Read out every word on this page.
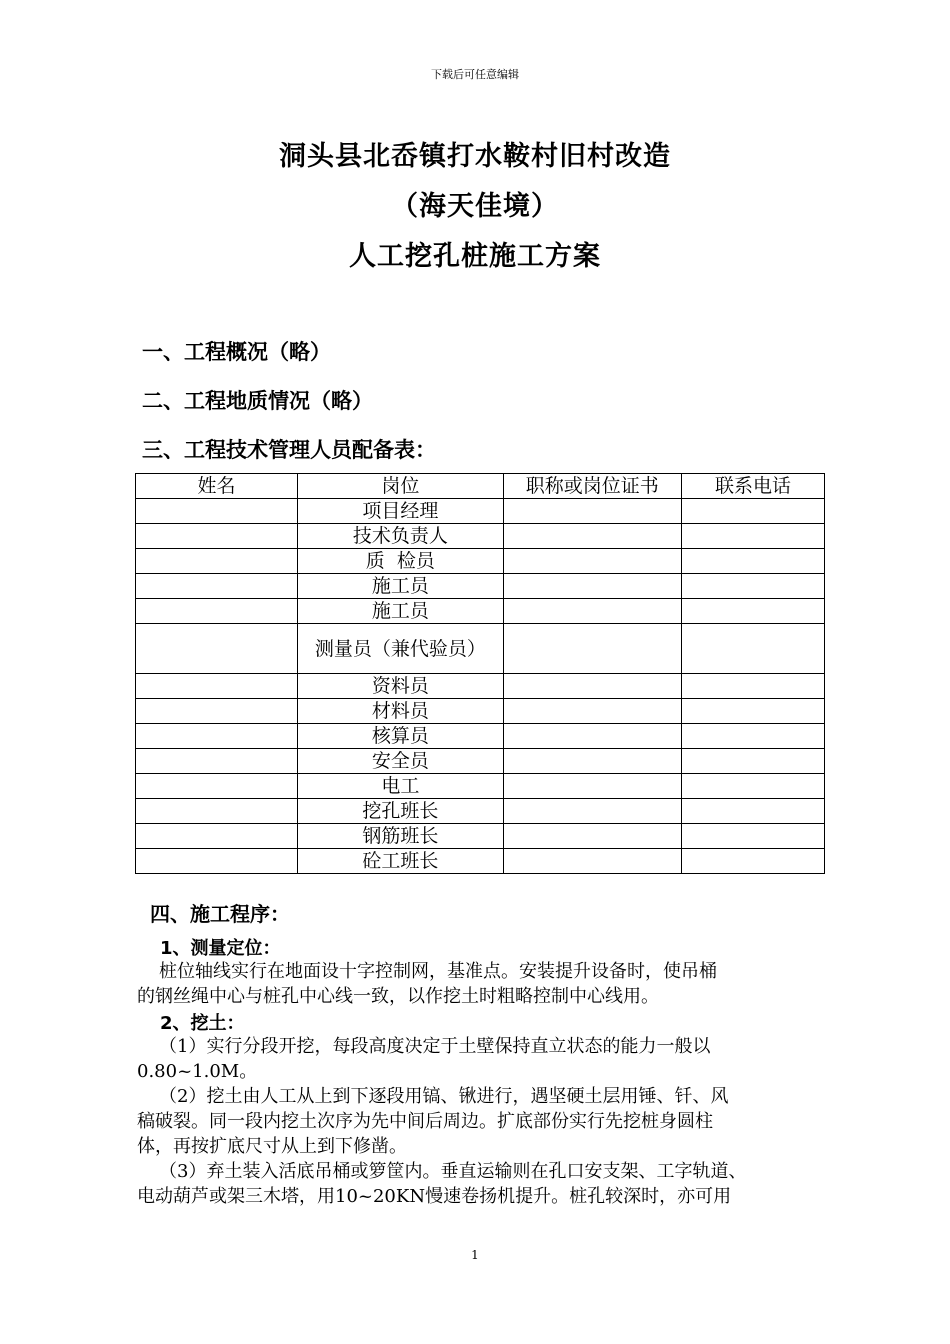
下载后可任意编辑
洞头县北岙镇打水鞍村旧村改造
（海天佳境）
人工挖孔桩施工方案
一、工程概况（略）
二、工程地质情况（略）
三、工程技术管理人员配备表：
姓名	岗位	职称或岗位证书	联系电话
	项目经理		
	技术负责人		
	质  检员		
	施工员		
	施工员		
	测量员（兼代验员）		
	资料员		
	材料员		
	核算员		
	安全员		
	电工		
	挖孔班长		
	钢筋班长		
	砼工班长		
四、施工程序：
1、测量定位：
桩位轴线实行在地面设十字控制网，基准点。安装提升设备时，使吊桶
的钢丝绳中心与桩孔中心线一致，以作挖土时粗略控制中心线用。
2、挖土：
（1）实行分段开挖，每段高度决定于土壁保持直立状态的能力一般以
0.80~1.0M。
（2）挖土由人工从上到下逐段用镐、锹进行，遇坚硬土层用锤、钎、风
稿破裂。同一段内挖土次序为先中间后周边。扩底部份实行先挖桩身圆柱
体，再按扩底尺寸从上到下修凿。
（3）弃土装入活底吊桶或箩筐内。垂直运输则在孔口安支架、工字轨道、
电动葫芦或架三木塔，用10~20KN慢速卷扬机提升。桩孔较深时，亦可用
1
